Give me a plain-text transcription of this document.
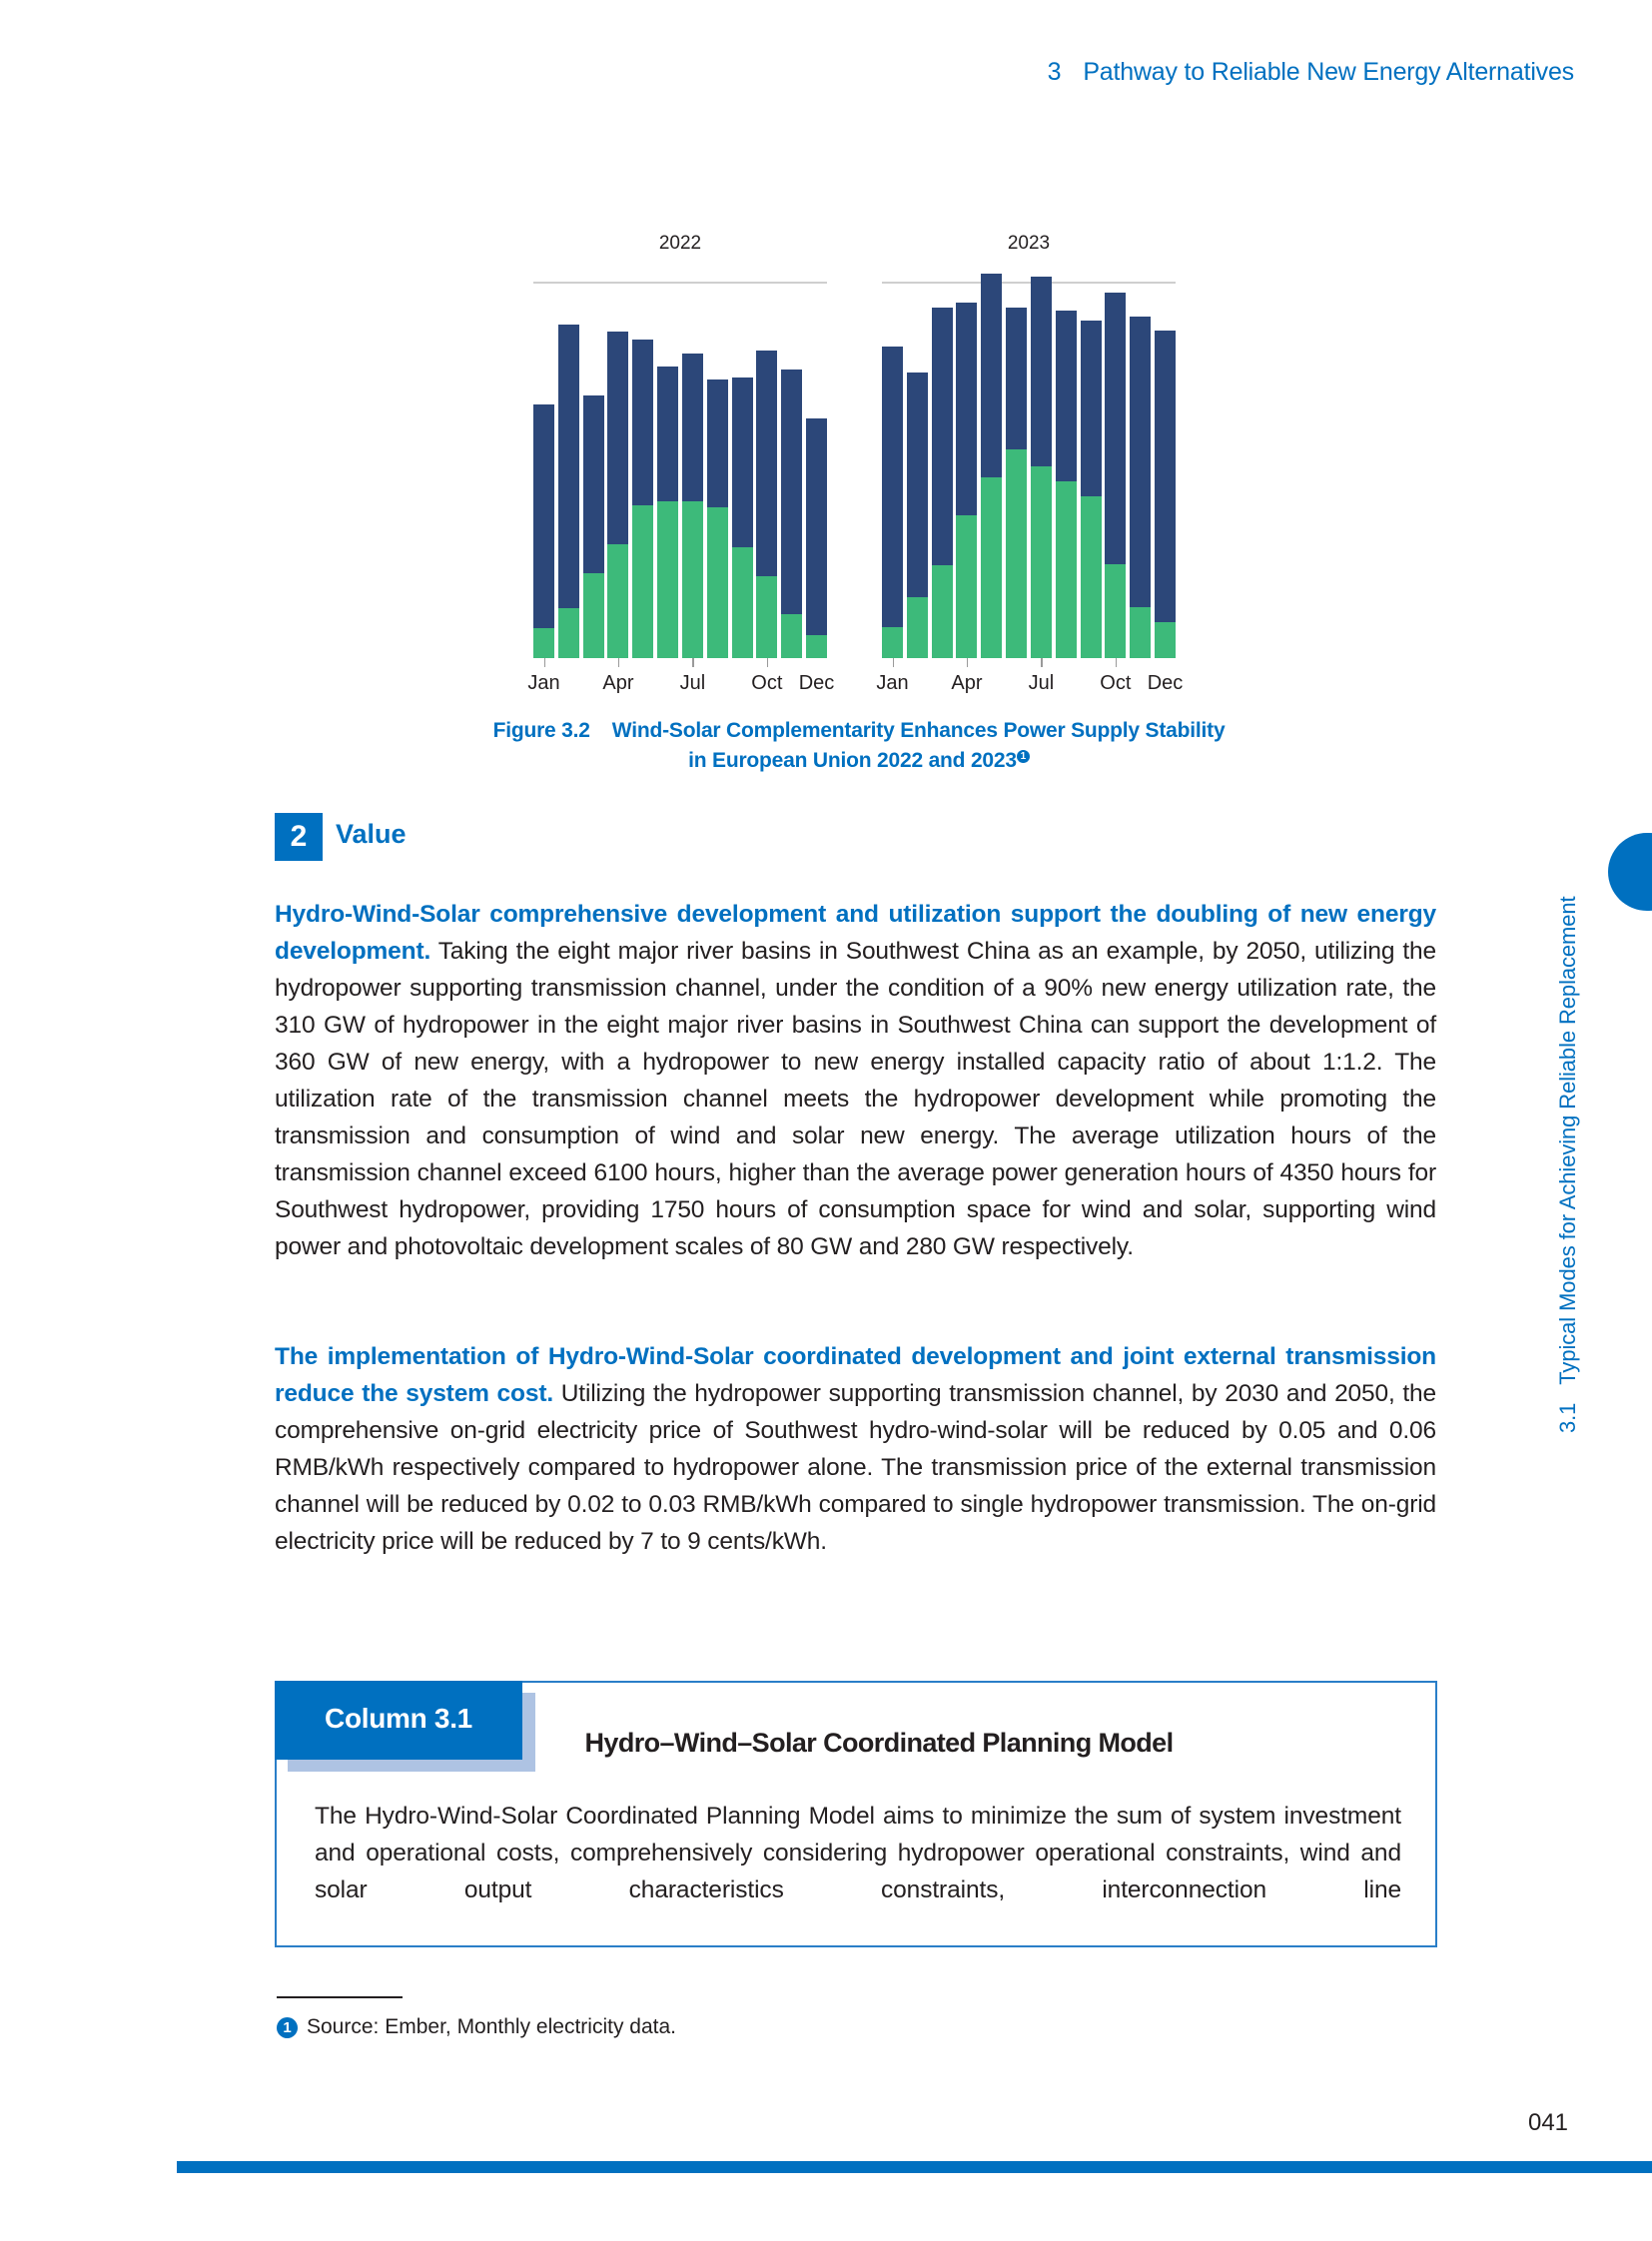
3 Pathway to Reliable New Energy Alternatives
2022
Jan Apr Jul Oct Dec
2023
Jan Apr Jul Oct Dec
Figure 3.2 Wind-Solar Complementarity Enhances Power Supply Stability
in European Union 2022 and 2023 1
2	Value
Hydro-Wind-Solar comprehensive development and utilization support the doubling of new energy development. Taking the eight major river basins in Southwest China as an example, by 2050, utilizing the hydropower supporting transmission channel, under the condition of a 90% new energy utilization rate, the 310 GW of hydropower in the eight major river basins in Southwest China can support the development of 360 GW of new energy, with a hydropower to new energy installed capacity ratio of about 1:1.2. The utilization rate of the transmission channel meets the hydropower development while promoting the transmission and consumption of wind and solar new energy. The average utilization hours of the transmission channel exceed 6100 hours, higher than the average power generation hours of 4350 hours for Southwest hydropower, providing 1750 hours of consumption space for wind and solar, supporting wind power and photovoltaic development scales of 80 GW and 280 GW respectively.
The implementation of Hydro-Wind-Solar coordinated development and joint external transmission reduce the system cost. Utilizing the hydropower supporting transmission channel, by 2030 and 2050, the comprehensive on-grid electricity price of Southwest hydro-wind-solar will be reduced by 0.05 and 0.06 RMB/kWh respectively compared to hydropower alone. The transmission price of the external transmission channel will be reduced by 0.02 to 0.03 RMB/kWh compared to single hydropower transmission. The on-grid electricity price will be reduced by 7 to 9 cents/kWh.
3.1Typical Modes for Achieving Reliable Replacement
Column 3.1
Hydro–Wind–Solar Coordinated Planning Model
The Hydro-Wind-Solar Coordinated Planning Model aims to minimize the sum of system investment and operational costs, comprehensively considering hydropower operational constraints, wind and solar output characteristics constraints, interconnection line
1 Source: Ember, Monthly electricity data.
041
